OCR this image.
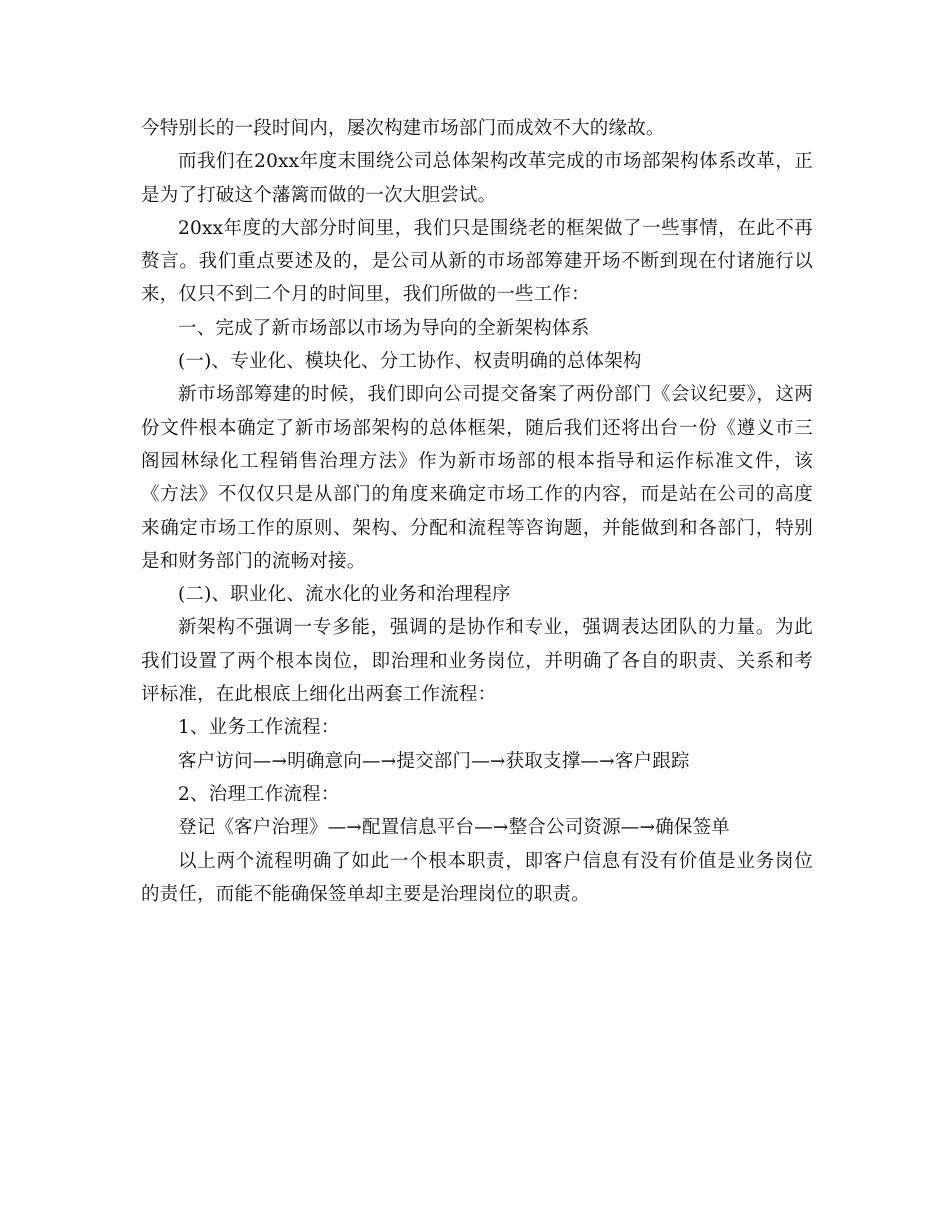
今特别长的一段时间内，屡次构建市场部门而成效不大的缘故。

而我们在20xx年度末围绕公司总体架构改革完成的市场部架构体系改革，正是为了打破这个藩篱而做的一次大胆尝试。

20xx年度的大部分时间里，我们只是围绕老的框架做了一些事情，在此不再赘言。我们重点要述及的，是公司从新的市场部筹建开场不断到现在付诸施行以来，仅只不到二个月的时间里，我们所做的一些工作：

一、完成了新市场部以市场为导向的全新架构体系

(一)、专业化、模块化、分工协作、权责明确的总体架构

新市场部筹建的时候，我们即向公司提交备案了两份部门《会议纪要》，这两份文件根本确定了新市场部架构的总体框架，随后我们还将出台一份《遵义市三阁园林绿化工程销售治理方法》作为新市场部的根本指导和运作标准文件，该《方法》不仅仅只是从部门的角度来确定市场工作的内容，而是站在公司的高度来确定市场工作的原则、架构、分配和流程等咨询题，并能做到和各部门，特别是和财务部门的流畅对接。

(二)、职业化、流水化的业务和治理程序

新架构不强调一专多能，强调的是协作和专业，强调表达团队的力量。为此我们设置了两个根本岗位，即治理和业务岗位，并明确了各自的职责、关系和考评标准，在此根底上细化出两套工作流程：

1、业务工作流程：

客户访问—→明确意向—→提交部门—→获取支撑—→客户跟踪

2、治理工作流程：

登记《客户治理》—→配置信息平台—→整合公司资源—→确保签单

以上两个流程明确了如此一个根本职责，即客户信息有没有价值是业务岗位的责任，而能不能确保签单却主要是治理岗位的职责。
